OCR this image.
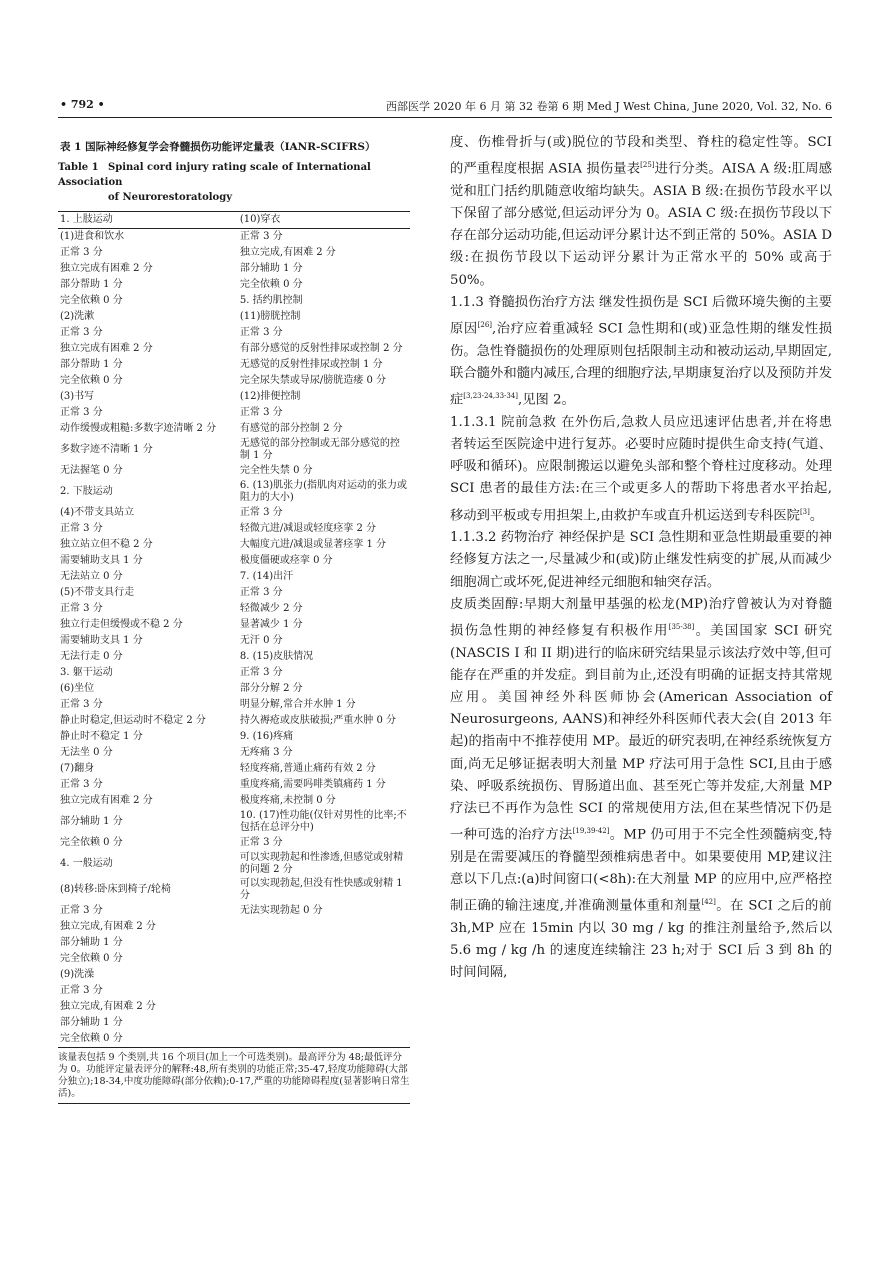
• 792 •	西部医学 2020 年 6 月 第 32 卷第 6 期 Med J West China, June 2020, Vol. 32, No. 6
表 1 国际神经修复学会脊髓损伤功能评定量表（IANR-SCIFRS）
Table 1 Spinal cord injury rating scale of International Association
of Neurorestoratology
1. 上肢运动	(10)穿衣
(1)进食和饮水	正常 3 分
正常 3 分	独立完成,有困难 2 分
独立完成有困难 2 分	部分辅助 1 分
部分帮助 1 分	完全依赖 0 分
完全依赖 0 分	5. 括约肌控制
(2)洗漱	(11)膀胱控制
正常 3 分	正常 3 分
独立完成有困难 2 分	有部分感觉的反射性排尿或控制 2 分
部分帮助 1 分	无感觉的反射性排尿或控制 1 分
完全依赖 0 分	完全尿失禁或导尿/膀胱造瘘 0 分
(3)书写	(12)排便控制
正常 3 分	正常 3 分
动作缓慢或粗糙:多数字迹清晰 2 分	有感觉的部分控制 2 分
多数字迹不清晰 1 分	无感觉的部分控制或无部分感觉的控制 1 分
无法握笔 0 分	完全性失禁 0 分
2. 下肢运动	6. (13)肌张力(指肌肉对运动的张力或阻力的大小)
(4)不带支具站立	正常 3 分
正常 3 分	轻微亢进/减退或轻度痉挛 2 分
独立站立但不稳 2 分	大幅度亢进/减退或显著痉挛 1 分
需要辅助支具 1 分	极度僵硬或痉挛 0 分
无法站立 0 分	7. (14)出汗
(5)不带支具行走	正常 3 分
正常 3 分	轻微减少 2 分
独立行走但缓慢或不稳 2 分	显著减少 1 分
需要辅助支具 1 分	无汗 0 分
无法行走 0 分	8. (15)皮肤情况
3. 躯干运动	正常 3 分
(6)坐位	部分分解 2 分
正常 3 分	明显分解,常合并水肿 1 分
静止时稳定,但运动时不稳定 2 分	持久褥疮或皮肤破损;严重水肿 0 分
静止时不稳定 1 分	9. (16)疼痛
无法坐 0 分	无疼痛 3 分
(7)翻身	轻度疼痛,普通止痛药有效 2 分
正常 3 分	重度疼痛,需要吗啡类镇痛药 1 分
独立完成有困难 2 分	极度疼痛,未控制 0 分
部分辅助 1 分	10. (17)性功能(仅针对男性的比率;不包括在总评分中)
完全依赖 0 分	正常 3 分
4. 一般运动	可以实现勃起和性渗透,但感觉或射精的问题 2 分
(8)转移:卧床到椅子/轮椅	可以实现勃起,但没有性快感或射精 1 分
正常 3 分	无法实现勃起 0 分
独立完成,有困难 2 分	
部分辅助 1 分	
完全依赖 0 分	
(9)洗澡	
正常 3 分	
独立完成,有困难 2 分	
部分辅助 1 分	
完全依赖 0 分	
该量表包括 9 个类别,共 16 个项目(加上一个可选类别)。最高评分为 48;最低评分为 0。功能评定量表评分的解释:48,所有类别的功能正常;35-47,轻度功能障碍(大部分独立);18-34,中度功能障碍(部分依赖);0-17,严重的功能障碍程度(显著影响日常生活)。

度、伤椎骨折与(或)脱位的节段和类型、脊柱的稳定性等。SCI 的严重程度根据 ASIA 损伤量表[25]进行分类。AISA A 级:肛周感觉和肛门括约肌随意收缩均缺失。ASIA B 级:在损伤节段水平以下保留了部分感觉,但运动评分为 0。ASIA C 级:在损伤节段以下存在部分运动功能,但运动评分累计达不到正常的 50%。ASIA D 级:在损伤节段以下运动评分累计为正常水平的 50% 或高于 50%。

1.1.3 脊髓损伤治疗方法 继发性损伤是 SCI 后微环境失衡的主要原因[26],治疗应着重减轻 SCI 急性期和(或)亚急性期的继发性损伤。急性脊髓损伤的处理原则包括限制主动和被动运动,早期固定,联合髓外和髓内减压,合理的细胞疗法,早期康复治疗以及预防并发症[3,23-24,33-34],见图 2。

1.1.3.1 院前急救 在外伤后,急救人员应迅速评估患者,并在将患者转运至医院途中进行复苏。必要时应随时提供生命支持(气道、呼吸和循环)。应限制搬运以避免头部和整个脊柱过度移动。处理 SCI 患者的最佳方法:在三个或更多人的帮助下将患者水平抬起,移动到平板或专用担架上,由救护车或直升机运送到专科医院[3]。

1.1.3.2 药物治疗 神经保护是 SCI 急性期和亚急性期最重要的神经修复方法之一,尽量减少和(或)防止继发性病变的扩展,从而减少细胞凋亡或坏死,促进神经元细胞和轴突存活。

皮质类固醇:早期大剂量甲基强的松龙(MP)治疗曾被认为对脊髓损伤急性期的神经修复有积极作用[35-38]。美国国家 SCI 研究(NASCIS I 和 II 期)进行的临床研究结果显示该法疗效中等,但可能存在严重的并发症。到目前为止,还没有明确的证据支持其常规应用。美国神经外科医师协会(American Association of Neurosurgeons, AANS)和神经外科医师代表大会(自 2013 年起)的指南中不推荐使用 MP。最近的研究表明,在神经系统恢复方面,尚无足够证据表明大剂量 MP 疗法可用于急性 SCI,且由于感染、呼吸系统损伤、胃肠道出血、甚至死亡等并发症,大剂量 MP 疗法已不再作为急性 SCI 的常规使用方法,但在某些情况下仍是一种可选的治疗方法[19,39-42]。MP 仍可用于不完全性颈髓病变,特别是在需要减压的脊髓型颈椎病患者中。如果要使用 MP,建议注意以下几点:(a)时间窗口(<8h):在大剂量 MP 的应用中,应严格控制正确的输注速度,并准确测量体重和剂量[42]。在 SCI 之后的前 3h,MP 应在 15min 内以 30 mg / kg 的推注剂量给予,然后以 5.6 mg / kg /h 的速度连续输注 23 h;对于 SCI 后 3 到 8h 的时间间隔,
